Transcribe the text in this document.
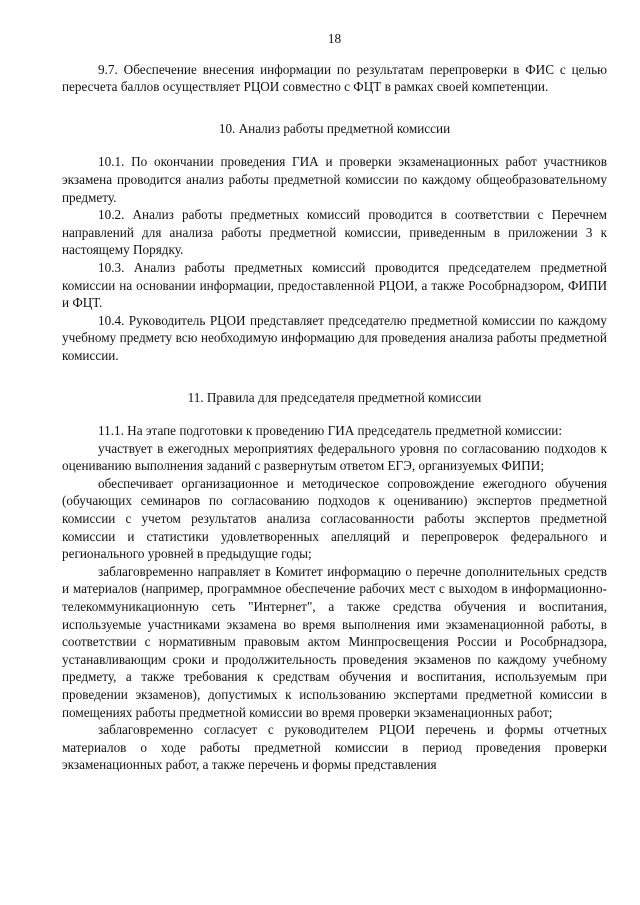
18

9.7. Обеспечение внесения информации по результатам перепроверки в ФИС с целью пересчета баллов осуществляет РЦОИ совместно с ФЦТ в рамках своей компетенции.

10. Анализ работы предметной комиссии

10.1. По окончании проведения ГИА и проверки экзаменационных работ участников экзамена проводится анализ работы предметной комиссии по каждому общеобразовательному предмету.

10.2. Анализ работы предметных комиссий проводится в соответствии с Перечнем направлений для анализа работы предметной комиссии, приведенным в приложении 3 к настоящему Порядку.

10.3. Анализ работы предметных комиссий проводится председателем предметной комиссии на основании информации, предоставленной РЦОИ, а также Рособрнадзором, ФИПИ и ФЦТ.

10.4. Руководитель РЦОИ представляет председателю предметной комиссии по каждому учебному предмету всю необходимую информацию для проведения анализа работы предметной комиссии.

11. Правила для председателя предметной комиссии

11.1. На этапе подготовки к проведению ГИА председатель предметной комиссии:

участвует в ежегодных мероприятиях федерального уровня по согласованию подходов к оцениванию выполнения заданий с развернутым ответом ЕГЭ, организуемых ФИПИ;

обеспечивает организационное и методическое сопровождение ежегодного обучения (обучающих семинаров по согласованию подходов к оцениванию) экспертов предметной комиссии с учетом результатов анализа согласованности работы экспертов предметной комиссии и статистики удовлетворенных апелляций и перепроверок федерального и регионального уровней в предыдущие годы;

заблаговременно направляет в Комитет информацию о перечне дополнительных средств и материалов (например, программное обеспечение рабочих мест с выходом в информационно-телекоммуникационную сеть "Интернет", а также средства обучения и воспитания, используемые участниками экзамена во время выполнения ими экзаменационной работы, в соответствии с нормативным правовым актом Минпросвещения России и Рособрнадзора, устанавливающим сроки и продолжительность проведения экзаменов по каждому учебному предмету, а также требования к средствам обучения и воспитания, используемым при проведении экзаменов), допустимых к использованию экспертами предметной комиссии в помещениях работы предметной комиссии во время проверки экзаменационных работ;

заблаговременно согласует с руководителем РЦОИ перечень и формы отчетных материалов о ходе работы предметной комиссии в период проведения проверки экзаменационных работ, а также перечень и формы представления
